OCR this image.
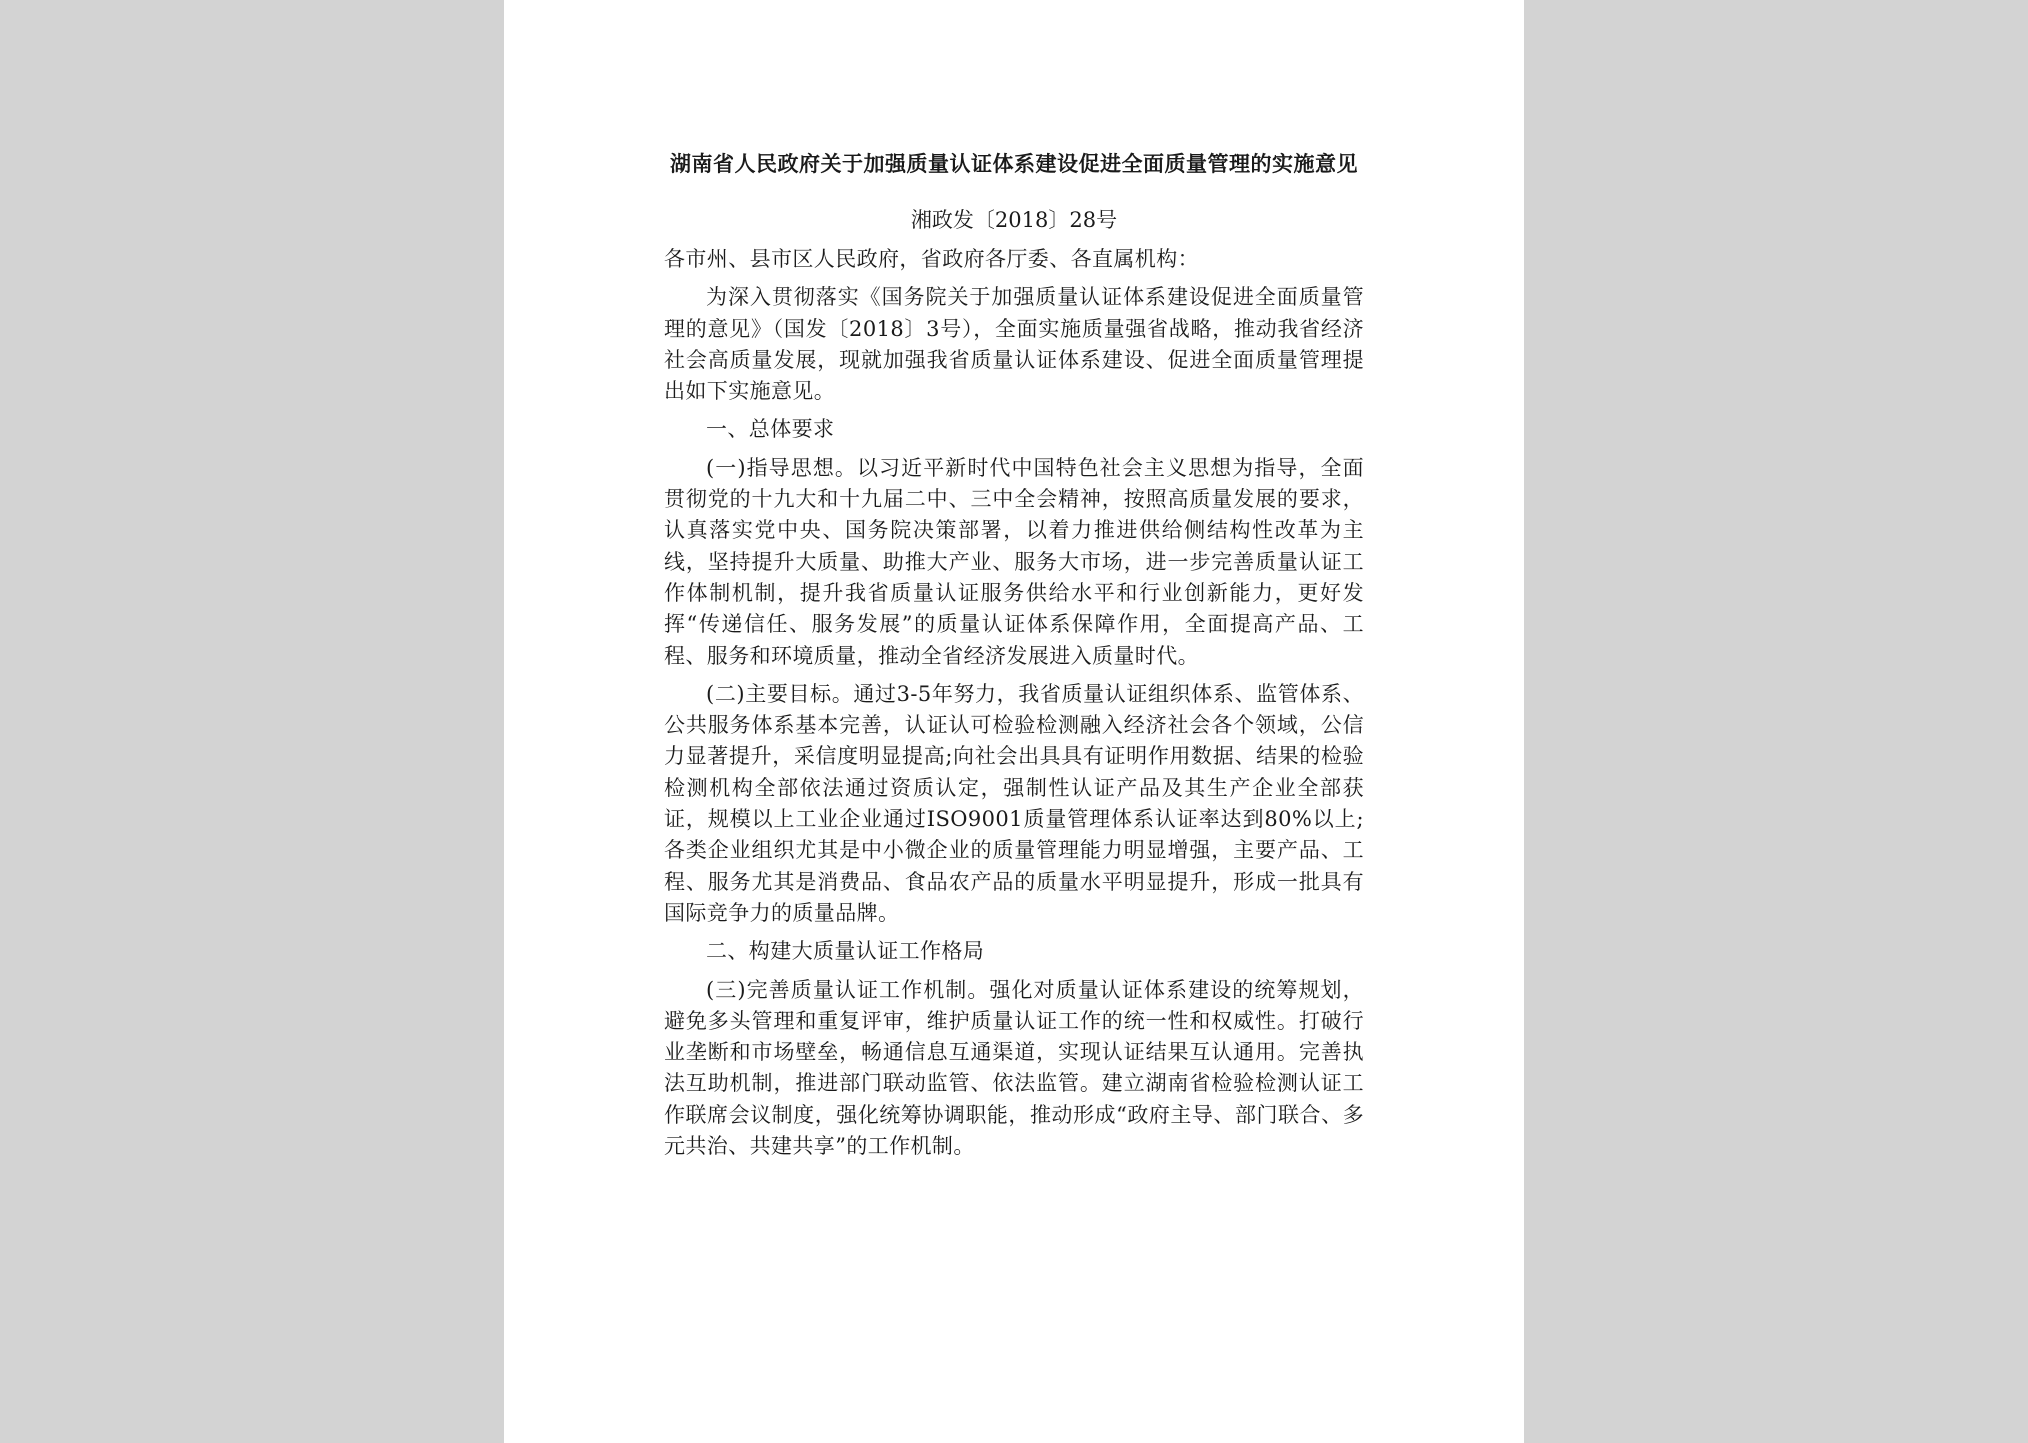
湖南省人民政府关于加强质量认证体系建设促进全面质量管理的实施意见

湘政发〔2018〕28号

各市州、县市区人民政府，省政府各厅委、各直属机构：

为深入贯彻落实《国务院关于加强质量认证体系建设促进全面质量管理的意见》（国发〔2018〕3号），全面实施质量强省战略，推动我省经济社会高质量发展，现就加强我省质量认证体系建设、促进全面质量管理提出如下实施意见。

一、总体要求

(一)指导思想。以习近平新时代中国特色社会主义思想为指导，全面贯彻党的十九大和十九届二中、三中全会精神，按照高质量发展的要求，认真落实党中央、国务院决策部署，以着力推进供给侧结构性改革为主线，坚持提升大质量、助推大产业、服务大市场，进一步完善质量认证工作体制机制，提升我省质量认证服务供给水平和行业创新能力，更好发挥“传递信任、服务发展”的质量认证体系保障作用，全面提高产品、工程、服务和环境质量，推动全省经济发展进入质量时代。

(二)主要目标。通过3-5年努力，我省质量认证组织体系、监管体系、公共服务体系基本完善，认证认可检验检测融入经济社会各个领域，公信力显著提升，采信度明显提高;向社会出具具有证明作用数据、结果的检验检测机构全部依法通过资质认定，强制性认证产品及其生产企业全部获证，规模以上工业企业通过ISO9001质量管理体系认证率达到80%以上;各类企业组织尤其是中小微企业的质量管理能力明显增强，主要产品、工程、服务尤其是消费品、食品农产品的质量水平明显提升，形成一批具有国际竞争力的质量品牌。

二、构建大质量认证工作格局

(三)完善质量认证工作机制。强化对质量认证体系建设的统筹规划，避免多头管理和重复评审，维护质量认证工作的统一性和权威性。打破行业垄断和市场壁垒，畅通信息互通渠道，实现认证结果互认通用。完善执法互助机制，推进部门联动监管、依法监管。建立湖南省检验检测认证工作联席会议制度，强化统筹协调职能，推动形成“政府主导、部门联合、多元共治、共建共享”的工作机制。
